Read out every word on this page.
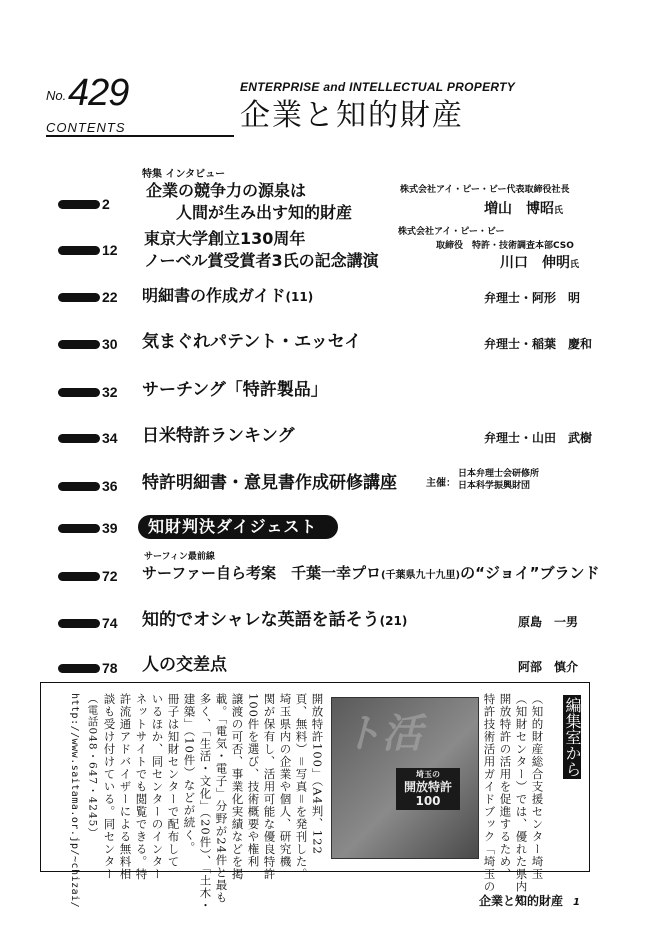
No. 429
CONTENTS
ENTERPRISE and INTELLECTUAL PROPERTY
企業と知的財産
特集 インタビュー
2
企業の競争力の源泉は
人間が生み出す知的財産
株式会社アイ・ピー・ビー代表取締役社長
増山　博昭氏
12
東京大学創立130周年
ノーベル賞受賞者3氏の記念講演
株式会社アイ・ピー・ビー
取締役　特許・技術調査本部CSO
川口　伸明氏
22 明細書の作成ガイド(11)	弁理士・阿形　明
30 気まぐれパテント・エッセイ	弁理士・稲葉　慶和
32 サーチング「特許製品」
34 日米特許ランキング	弁理士・山田　武樹
36 特許明細書・意見書作成研修講座	主催：
日本弁理士会研修所
日本科学振興財団
39	知財判決ダイジェスト
サーフィン最前線
72 サーファー自ら考案　千葉一幸プロ(千葉県九十九里)の“ジョイ”ブランド
74 知的でオシャレな英語を話そう(21)	原島　一男
78 人の交差点	阿部　慎介
編集室から
（知的財産総合支援センター埼玉
（知財センター）では、優れた県内の
開放特許の活用を促進するため、
特許技術活用ガイドブック「埼玉の
ト活
埼玉の
開放特許
100
開放特許100」（A4判、122
頁、無料）＝写真＝を発刊した。
埼玉県内の企業や個人、研究機
関が保有し、活用可能な優良特許
100件を選び、技術概要や権利
譲渡の可否、事業化実績などを掲
載。「電気・電子」分野が24件と最も
多く、「生活・文化」（20件）、「土木・
建築」（10件）などが続く。
冊子は知財センターで配布して
いるほか、同センターのインター
ネットサイトでも閲覧できる。特
許流通アドバイザーによる無料相
談も受け付けている。同センター
（電話048・647・4245）
http://www.saitama.or.jp/~chizai/	企業と知的財産 1
